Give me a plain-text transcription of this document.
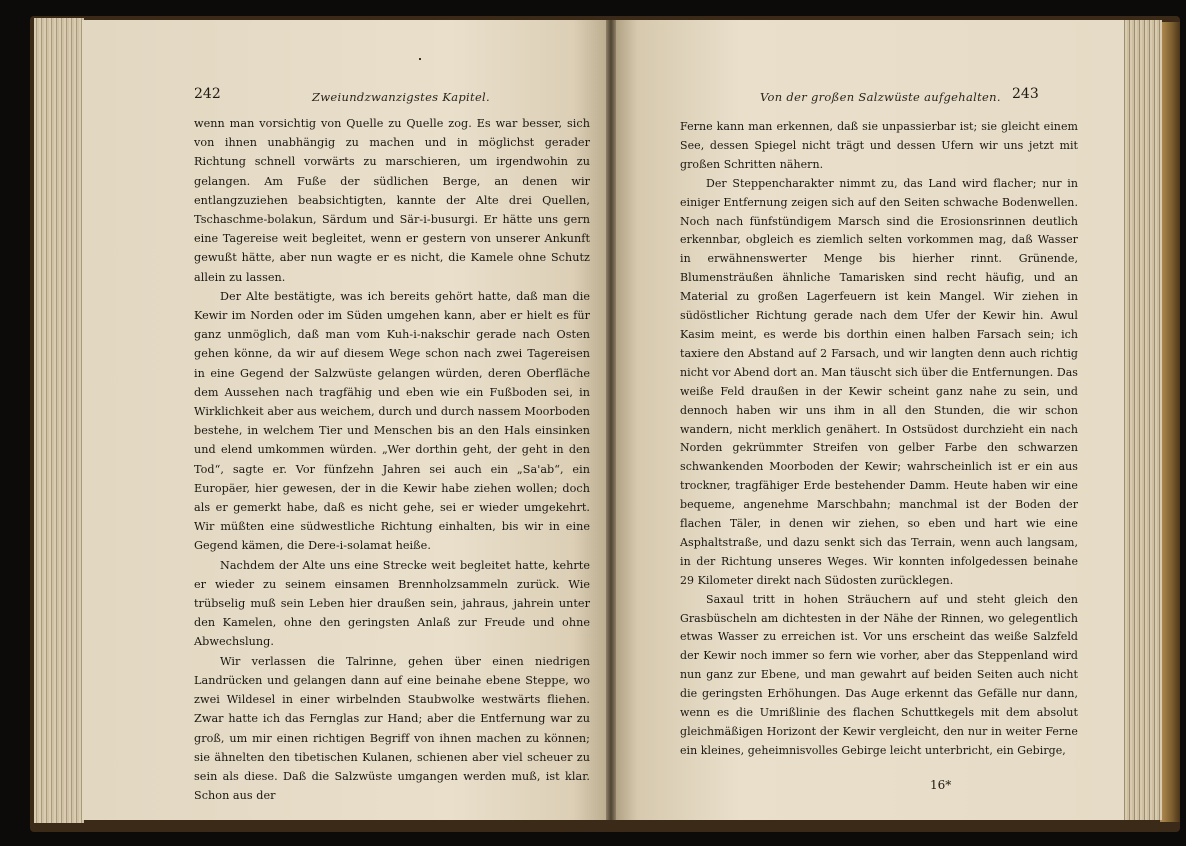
242	Zweiundzwanzigstes Kapitel.	243
Von der großen Salzwüste aufgehalten.

wenn man vorsichtig von Quelle zu Quelle zog. Es war besser, sich von ihnen unabhängig zu machen und in möglichst gerader Richtung schnell vorwärts zu marschieren, um irgendwohin zu gelangen. Am Fuße der südlichen Berge, an denen wir entlangzuziehen beabsichtigten, kannte der Alte drei Quellen, Tschaschme-bolakun, Särdum und Sär-i-busurgi. Er hätte uns gern eine Tagereise weit begleitet, wenn er gestern von unserer Ankunft gewußt hätte, aber nun wagte er es nicht, die Kamele ohne Schutz allein zu lassen.

Der Alte bestätigte, was ich bereits gehört hatte, daß man die Kewir im Norden oder im Süden umgehen kann, aber er hielt es für ganz unmöglich, daß man vom Kuh-i-nakschir gerade nach Osten gehen könne, da wir auf diesem Wege schon nach zwei Tagereisen in eine Gegend der Salzwüste gelangen würden, deren Oberfläche dem Aussehen nach tragfähig und eben wie ein Fußboden sei, in Wirklichkeit aber aus weichem, durch und durch nassem Moorboden bestehe, in welchem Tier und Menschen bis an den Hals einsinken und elend umkommen würden. „Wer dorthin geht, der geht in den Tod“, sagte er. Vor fünfzehn Jahren sei auch ein „Sa'ab“, ein Europäer, hier gewesen, der in die Kewir habe ziehen wollen; doch als er gemerkt habe, daß es nicht gehe, sei er wieder umgekehrt. Wir müßten eine südwestliche Richtung einhalten, bis wir in eine Gegend kämen, die Dere-i-solamat heiße.

Nachdem der Alte uns eine Strecke weit begleitet hatte, kehrte er wieder zu seinem einsamen Brennholzsammeln zurück. Wie trübselig muß sein Leben hier draußen sein, jahraus, jahrein unter den Kamelen, ohne den geringsten Anlaß zur Freude und ohne Abwechslung.

Wir verlassen die Talrinne, gehen über einen niedrigen Landrücken und gelangen dann auf eine beinahe ebene Steppe, wo zwei Wildesel in einer wirbelnden Staubwolke westwärts fliehen. Zwar hatte ich das Fernglas zur Hand; aber die Entfernung war zu groß, um mir einen richtigen Begriff von ihnen machen zu können; sie ähnelten den tibetischen Kulanen, schienen aber viel scheuer zu sein als diese. Daß die Salzwüste umgangen werden muß, ist klar. Schon aus der

Ferne kann man erkennen, daß sie unpassierbar ist; sie gleicht einem See, dessen Spiegel nicht trägt und dessen Ufern wir uns jetzt mit großen Schritten nähern.

Der Steppencharakter nimmt zu, das Land wird flacher; nur in einiger Entfernung zeigen sich auf den Seiten schwache Bodenwellen. Noch nach fünfstündigem Marsch sind die Erosionsrinnen deutlich erkennbar, obgleich es ziemlich selten vorkommen mag, daß Wasser in erwähnenswerter Menge bis hierher rinnt. Grünende, Blumensträußen ähnliche Tamarisken sind recht häufig, und an Material zu großen Lagerfeuern ist kein Mangel. Wir ziehen in südöstlicher Richtung gerade nach dem Ufer der Kewir hin. Awul Kasim meint, es werde bis dorthin einen halben Farsach sein; ich taxiere den Abstand auf 2 Farsach, und wir langten denn auch richtig nicht vor Abend dort an. Man täuscht sich über die Entfernungen. Das weiße Feld draußen in der Kewir scheint ganz nahe zu sein, und dennoch haben wir uns ihm in all den Stunden, die wir schon wandern, nicht merklich genähert. In Ostsüdost durchzieht ein nach Norden gekrümmter Streifen von gelber Farbe den schwarzen schwankenden Moorboden der Kewir; wahrscheinlich ist er ein aus trockner, tragfähiger Erde bestehender Damm. Heute haben wir eine bequeme, angenehme Marschbahn; manchmal ist der Boden der flachen Täler, in denen wir ziehen, so eben und hart wie eine Asphaltstraße, und dazu senkt sich das Terrain, wenn auch langsam, in der Richtung unseres Weges. Wir konnten infolgedessen beinahe 29 Kilometer direkt nach Südosten zurücklegen.

Saxaul tritt in hohen Sträuchern auf und steht gleich den Grasbüscheln am dichtesten in der Nähe der Rinnen, wo gelegentlich etwas Wasser zu erreichen ist. Vor uns erscheint das weiße Salzfeld der Kewir noch immer so fern wie vorher, aber das Steppenland wird nun ganz zur Ebene, und man gewahrt auf beiden Seiten auch nicht die geringsten Erhöhungen. Das Auge erkennt das Gefälle nur dann, wenn es die Umrißlinie des flachen Schuttkegels mit dem absolut gleichmäßigen Horizont der Kewir vergleicht, den nur in weiter Ferne ein kleines, geheimnisvolles Gebirge leicht unterbricht, ein Gebirge,

16*
